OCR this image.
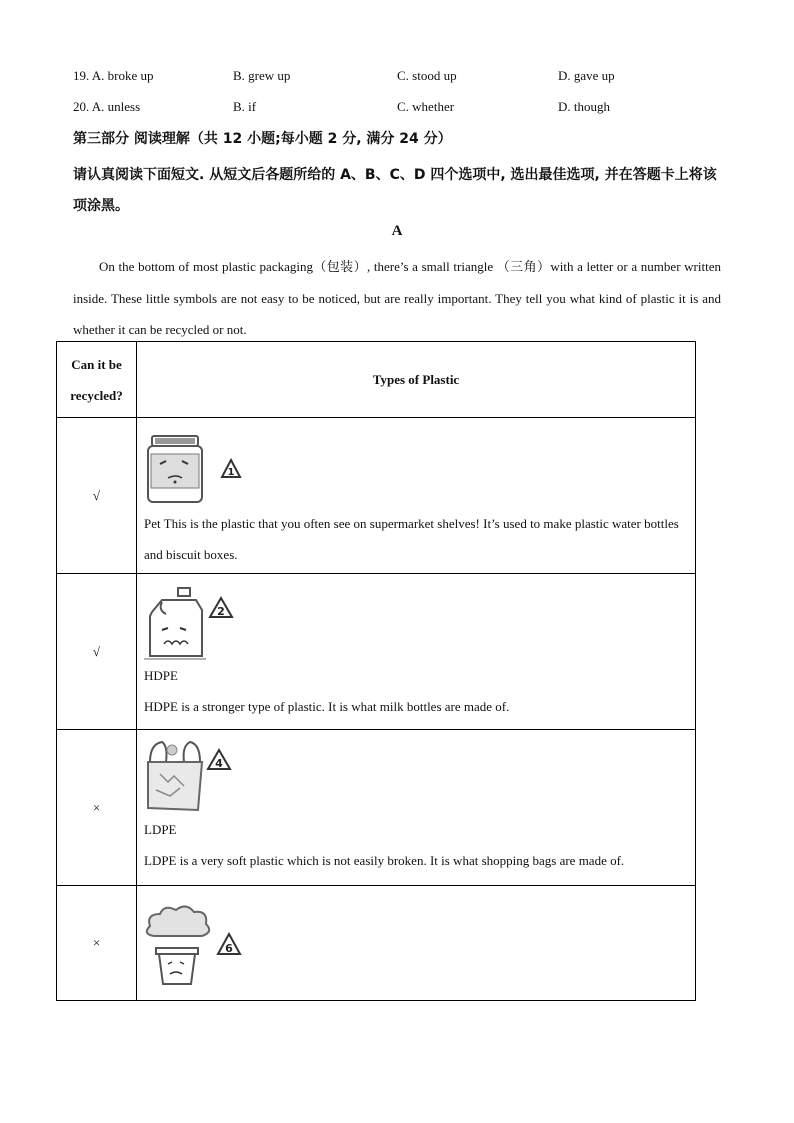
19. A. broke up	B. grew up	C. stood up	D. gave up
20. A. unless	B. if	C. whether	D. though
第三部分 阅读理解（共 12 小题;每小题 2 分, 满分 24 分）
请认真阅读下面短文. 从短文后各题所给的 A、B、C、D 四个选项中, 选出最佳选项, 并在答题卡上将该项涂黑。
A
On the bottom of most plastic packaging（包装）, there’s a small triangle （三角）with a letter or a number written inside. These little symbols are not easy to be noticed, but are really important. They tell you what kind of plastic it is and whether it can be recycled or not.
Can it be recycled?	Types of Plastic
√	1
Pet This is the plastic that you often see on supermarket shelves! It’s used to make plastic water bottles and biscuit boxes.

√	2
HDPE
HDPE is a stronger type of plastic. It is what milk bottles are made of.

×	4
LDPE
LDPE is a very soft plastic which is not easily broken. It is what shopping bags are made of.

×	6
